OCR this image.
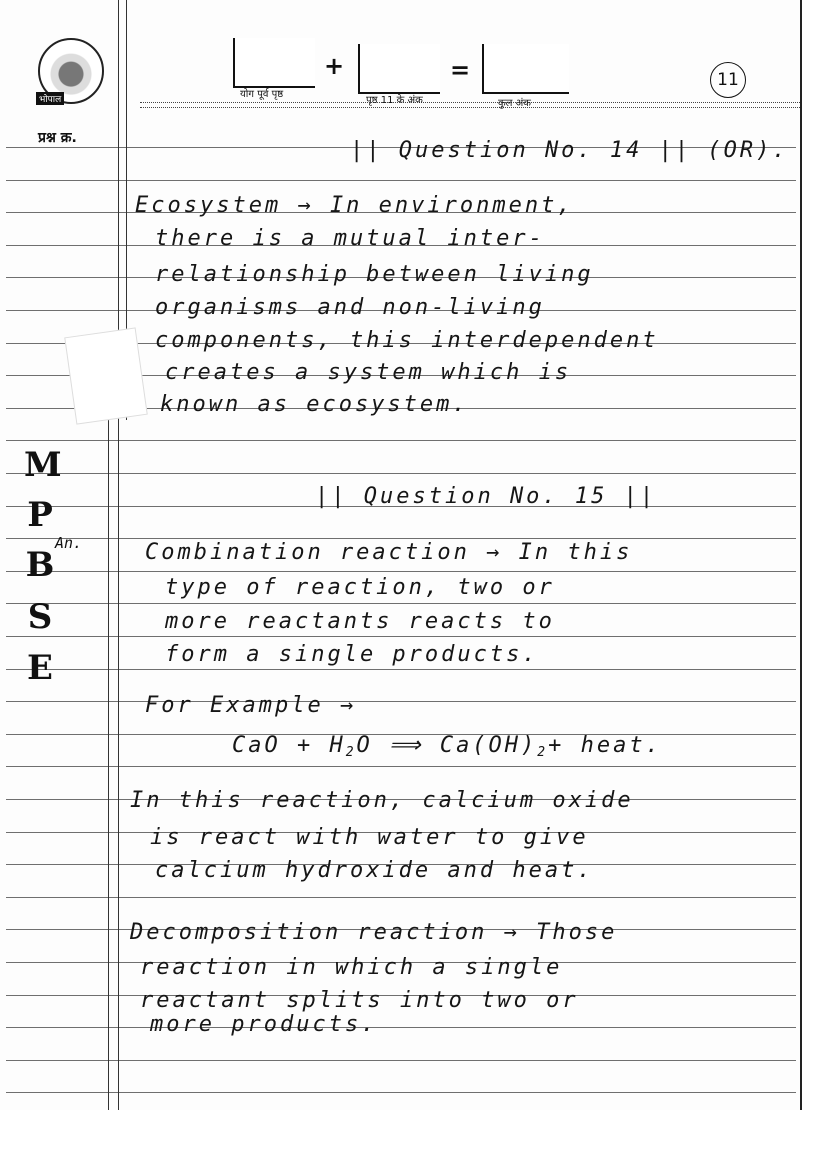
भोपाल
+	=
योग पूर्व पृष्ठ
पृष्ठ 11 के अंक	कुल अंक
11
प्रश्न क्र.
M
P
B
S
E
An.
|| Question No. 14 || (OR).
Ecosystem → In environment,
there is a mutual inter-
relationship between living
organisms and non-living
components, this interdependent
creates a system which is
known as ecosystem.
|| Question No. 15 ||
Combination reaction → In this
type of reaction, two or
more reactants reacts to
form a single products.
For Example →
CaO + $H_2O$ ⟹ $Ca(OH)_2+$ heat.
In this reaction, calcium oxide
is react with water to give
calcium hydroxide and heat.
Decomposition reaction → Those
reaction in which a single
reactant splits into two or
more products.
